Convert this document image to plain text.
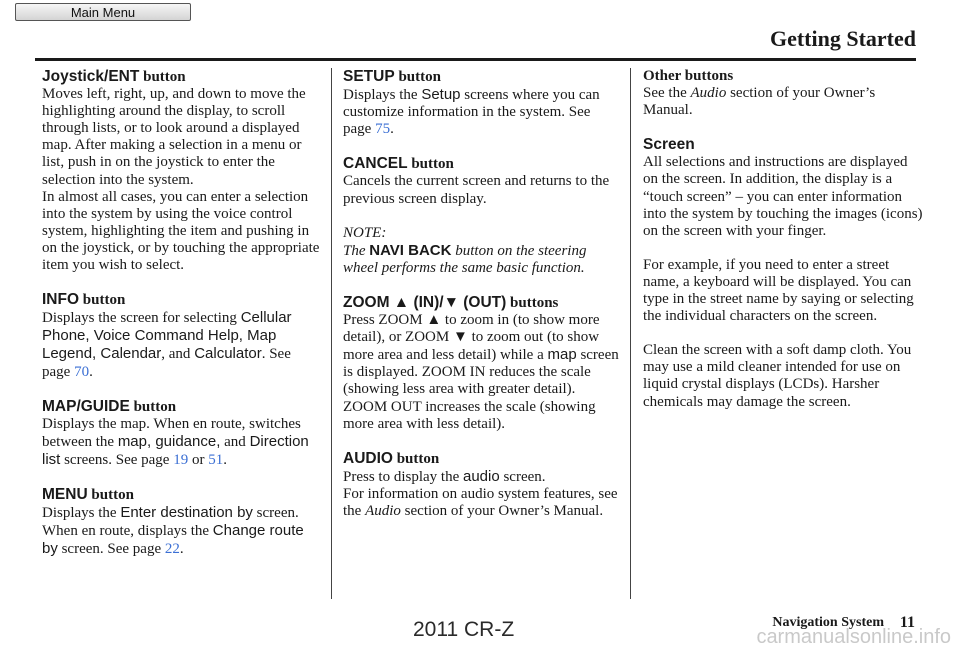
Main Menu
Getting Started
Joystick/ENT button

Moves left, right, up, and down to move the highlighting around the display, to scroll through lists, or to look around a displayed map. After making a selection in a menu or list, push in on the joystick to enter the selection into the system.

In almost all cases, you can enter a selection into the system by using the voice control system, highlighting the item and pushing in on the joystick, or by touching the appropriate item you wish to select.

INFO button

Displays the screen for selecting Cellular Phone, Voice Command Help, Map Legend, Calendar, and Calculator. See page 70.

MAP/GUIDE button

Displays the map. When en route, switches between the map, guidance, and Direction list screens. See page 19 or 51.

MENU button

Displays the Enter destination by screen. When en route, displays the Change route by screen. See page 22.

SETUP button

Displays the Setup screens where you can customize information in the system. See page 75.

CANCEL button

Cancels the current screen and returns to the previous screen display.

NOTE:

The NAVI BACK button on the steering wheel performs the same basic function.

ZOOM ▲ (IN)/▼ (OUT) buttons

Press ZOOM ▲ to zoom in (to show more detail), or ZOOM ▼ to zoom out (to show more area and less detail) while a map screen is displayed. ZOOM IN reduces the scale (showing less area with greater detail). ZOOM OUT increases the scale (showing more area with less detail).

AUDIO button

Press to display the audio screen.

For information on audio system features, see the Audio section of your Owner’s Manual.

Other buttons

See the Audio section of your Owner’s Manual.

Screen

All selections and instructions are displayed on the screen. In addition, the display is a “touch screen” – you can enter information into the system by touching the images (icons) on the screen with your finger.

For example, if you need to enter a street name, a keyboard will be displayed. You can type in the street name by saying or selecting the individual characters on the screen.

Clean the screen with a soft damp cloth. You may use a mild cleaner intended for use on liquid crystal displays (LCDs). Harsher chemicals may damage the screen.

Navigation System 11
2011 CR-Z	carmanualsonline.info
